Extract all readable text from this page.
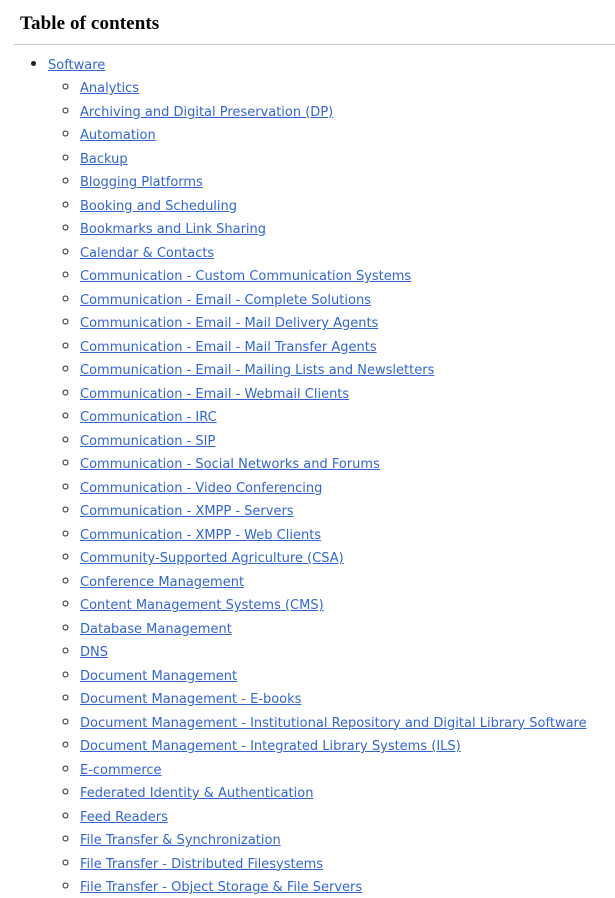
Table of contents
• Software
◦ Analytics
◦ Archiving and Digital Preservation (DP)
◦ Automation
◦ Backup
◦ Blogging Platforms
◦ Booking and Scheduling
◦ Bookmarks and Link Sharing
◦ Calendar & Contacts
◦ Communication - Custom Communication Systems
◦ Communication - Email - Complete Solutions
◦ Communication - Email - Mail Delivery Agents
◦ Communication - Email - Mail Transfer Agents
◦ Communication - Email - Mailing Lists and Newsletters
◦ Communication - Email - Webmail Clients
◦ Communication - IRC
◦ Communication - SIP
◦ Communication - Social Networks and Forums
◦ Communication - Video Conferencing
◦ Communication - XMPP - Servers
◦ Communication - XMPP - Web Clients
◦ Community-Supported Agriculture (CSA)
◦ Conference Management
◦ Content Management Systems (CMS)
◦ Database Management
◦ DNS
◦ Document Management
◦ Document Management - E-books
◦ Document Management - Institutional Repository and Digital Library Software
◦ Document Management - Integrated Library Systems (ILS)
◦ E-commerce
◦ Federated Identity & Authentication
◦ Feed Readers
◦ File Transfer & Synchronization
◦ File Transfer - Distributed Filesystems
◦ File Transfer - Object Storage & File Servers
